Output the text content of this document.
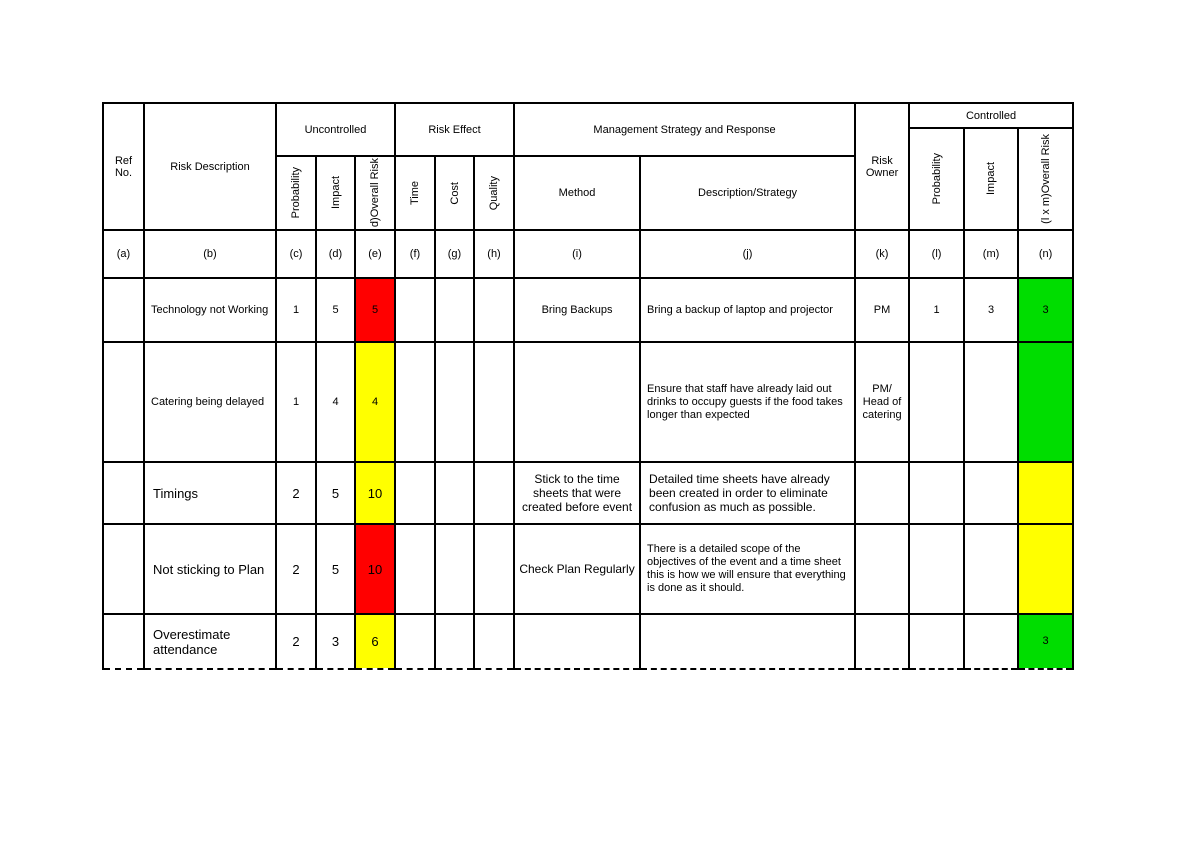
Ref No.	Risk Description	Uncontrolled			Risk Effect			Management Strategy and Response		Risk Owner	Controlled		

											Probability	Impact	(l x m)Overall Risk

		Probability	Impact	d)Overall Risk	Time	Cost	Quality	Method	Description/Strategy				
(a)	(b)	(c)	(d)	(e)	(f)	(g)	(h)	(i)	(j)	(k)	(l)	(m)	(n)
	Technology not Working	1	5	5				Bring Backups	Bring a backup of laptop and projector	PM	1	3	3
	Catering being delayed	1	4	4					Ensure that staff have already laid out drinks to occupy guests if the food takes longer than expected	PM/ Head of catering			
	Timings	2	5	10				Stick to the time sheets that were created before event	Detailed time sheets have already been created in order to eliminate confusion as much as possible.				
	Not sticking to Plan	2	5	10				Check Plan Regularly	There is a detailed scope of the objectives of the event and a time sheet this is how we will ensure that everything is done as it should.				
	Overestimate attendance	2	3	6									3
